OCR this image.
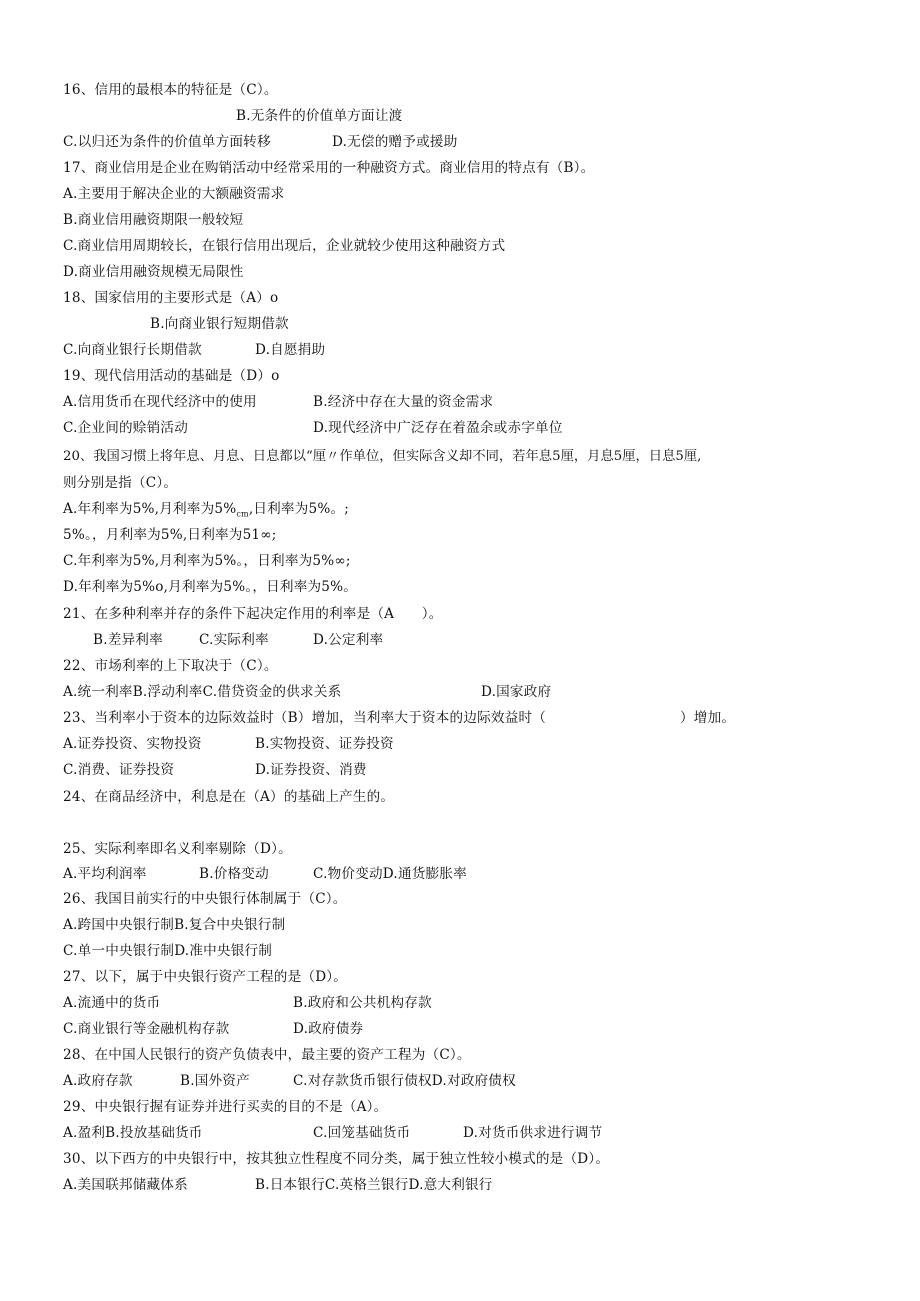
16、信用的最根本的特征是（C）。
B.无条件的价值单方面让渡
C.以归还为条件的价值单方面转移	D.无偿的赠予或援助
17、商业信用是企业在购销活动中经常采用的一种融资方式。商业信用的特点有（B）。
A.主要用于解决企业的大额融资需求
B.商业信用融资期限一般较短
C.商业信用周期较长，在银行信用出现后，企业就较少使用这种融资方式
D.商业信用融资规模无局限性
18、国家信用的主要形式是（A）o
B.向商业银行短期借款
C.向商业银行长期借款	D.自愿捐助
19、现代信用活动的基础是（D）o
A.信用货币在现代经济中的使用	B.经济中存在大量的资金需求
C.企业间的赊销活动	D.现代经济中广泛存在着盈余或赤字单位
20、我国习惯上将年息、月息、日息都以“厘〃作单位，但实际含义却不同，若年息5厘，月息5厘，日息5厘,
则分别是指（C）。
A.年利率为5%,月利率为$5\%_{cm}$,日利率为5%。;
5%。，月利率为5%,日利率为51∞;
C.年利率为5%,月利率为5%。，日利率为5%∞;
D.年利率为5%o,月利率为5%。，日利率为5%。
21、在多种利率并存的条件下起决定作用的利率是（A　　）。
B.差异利率	C.实际利率	D.公定利率
22、市场利率的上下取决于（C）。
A.统一利率B.浮动利率C.借贷资金的供求关系	D.国家政府
23、当利率小于资本的边际效益时（B）增加，当利率大于资本的边际效益时（	）增加。
A.证券投资、实物投资	B.实物投资、证券投资
C.消费、证券投资	D.证券投资、消费
24、在商品经济中，利息是在（A）的基础上产生的。
25、实际利率即名义利率剔除（D）。
A.平均利润率	B.价格变动	C.物价变动D.通货膨胀率
26、我国目前实行的中央银行体制属于（C）。
A.跨国中央银行制B.复合中央银行制
C.单一中央银行制D.准中央银行制
27、以下，属于中央银行资产工程的是（D）。
A.流通中的货币	B.政府和公共机构存款
C.商业银行等金融机构存款	D.政府债券
28、在中国人民银行的资产负债表中，最主要的资产工程为（C）。
A.政府存款	B.国外资产	C.对存款货币银行债权D.对政府债权
29、中央银行握有证券并进行买卖的目的不是（A）。
A.盈利B.投放基础货币	C.回笼基础货币	D.对货币供求进行调节
30、以下西方的中央银行中，按其独立性程度不同分类，属于独立性较小模式的是（D）。
A.美国联邦储藏体系	B.日本银行C.英格兰银行D.意大利银行
